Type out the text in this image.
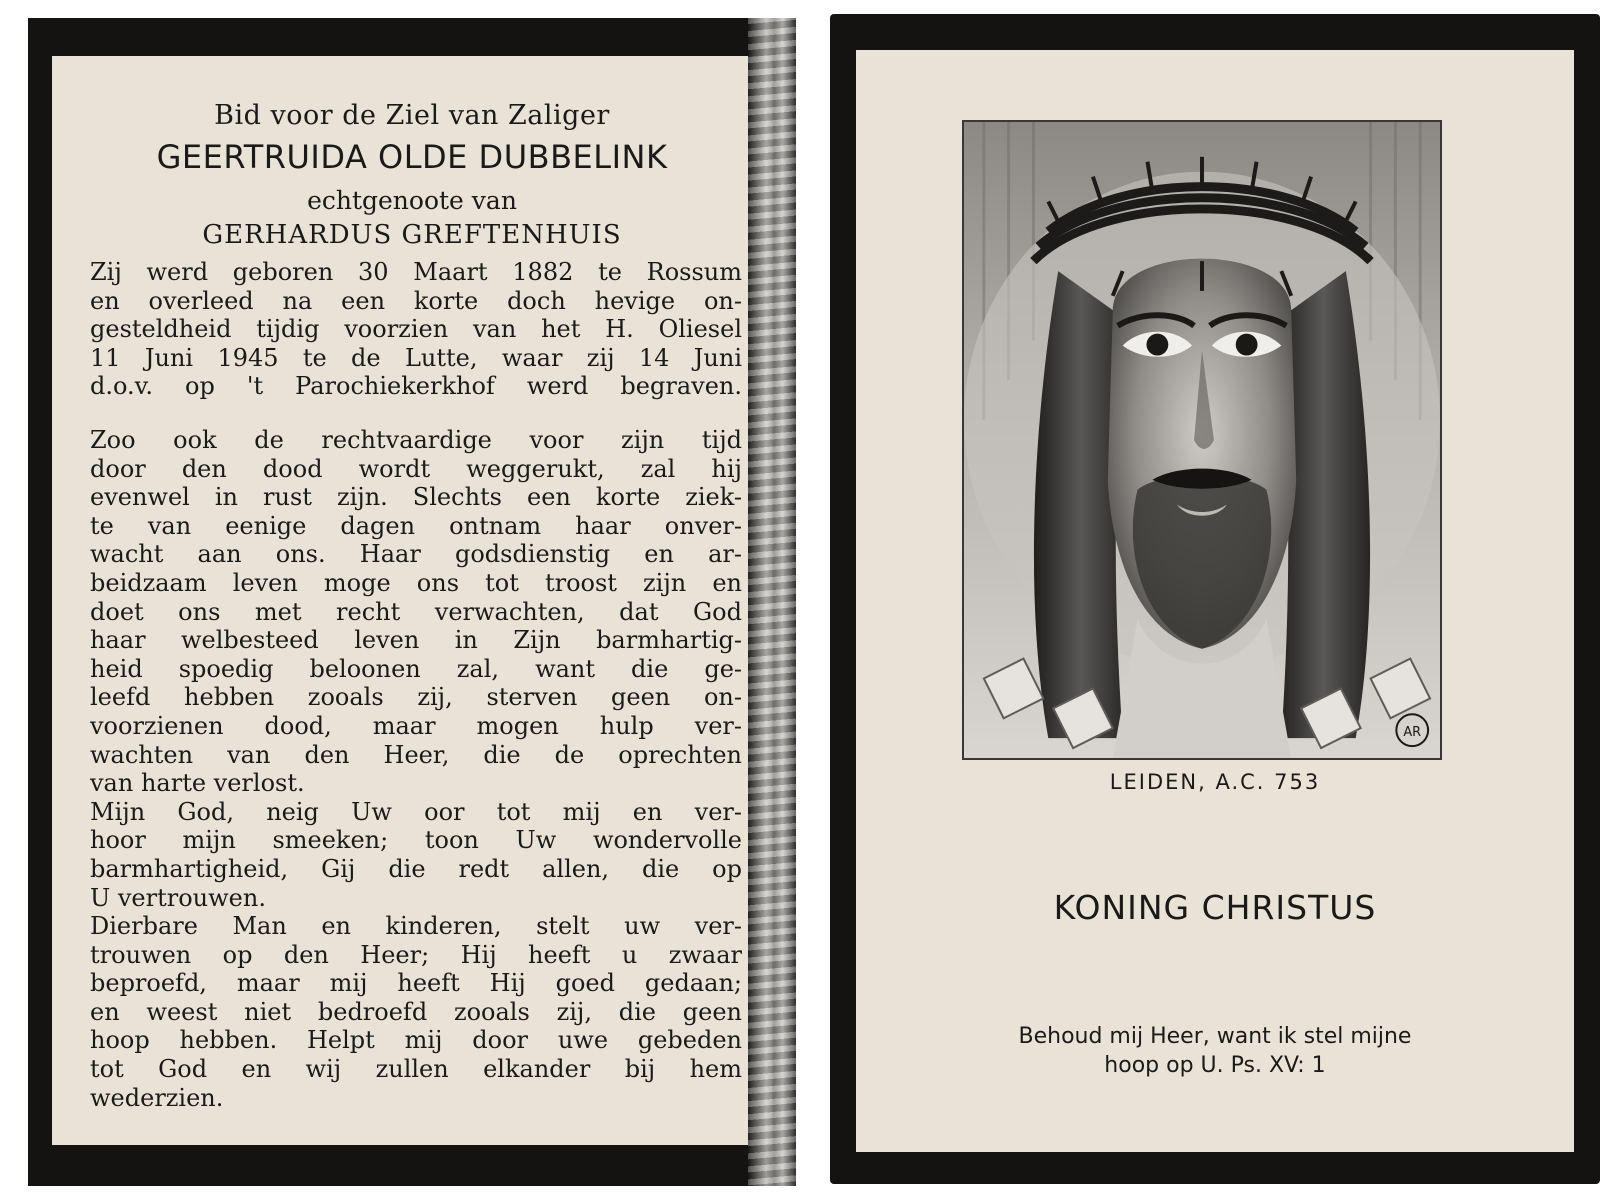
Bid voor de Ziel van Zaliger
GEERTRUIDA OLDE DUBBELINK
echtgenoote van
GERHARDUS GREFTENHUIS
Zij werd geboren 30 Maart 1882 te Rossum
en overleed na een korte doch hevige on-
gesteldheid tijdig voorzien van het H. Oliesel
11 Juni 1945 te de Lutte, waar zij 14 Juni
d.o.v. op 't Parochiekerkhof werd begraven.
Zoo ook de rechtvaardige voor zijn tijd
door den dood wordt weggerukt, zal hij
evenwel in rust zijn. Slechts een korte ziek-
te van eenige dagen ontnam haar onver-
wacht aan ons. Haar godsdienstig en ar-
beidzaam leven moge ons tot troost zijn en
doet ons met recht verwachten, dat God
haar welbesteed leven in Zijn barmhartig-
heid spoedig beloonen zal, want die ge-
leefd hebben zooals zij, sterven geen on-
voorzienen dood, maar mogen hulp ver-
wachten van den Heer, die de oprechten
van harte verlost.
Mijn God, neig Uw oor tot mij en ver-
hoor mijn smeeken; toon Uw wondervolle
barmhartigheid, Gij die redt allen, die op
U vertrouwen.
Dierbare Man en kinderen, stelt uw ver-
trouwen op den Heer; Hij heeft u zwaar
beproefd, maar mij heeft Hij goed gedaan;
en weest niet bedroefd zooals zij, die geen
hoop hebben. Helpt mij door uwe gebeden
tot God en wij zullen elkander bij hem
wederzien.
AR
LEIDEN, A.C. 753
KONING CHRISTUS
Behoud mij Heer, want ik stel mijne
hoop op U. Ps. XV: 1
